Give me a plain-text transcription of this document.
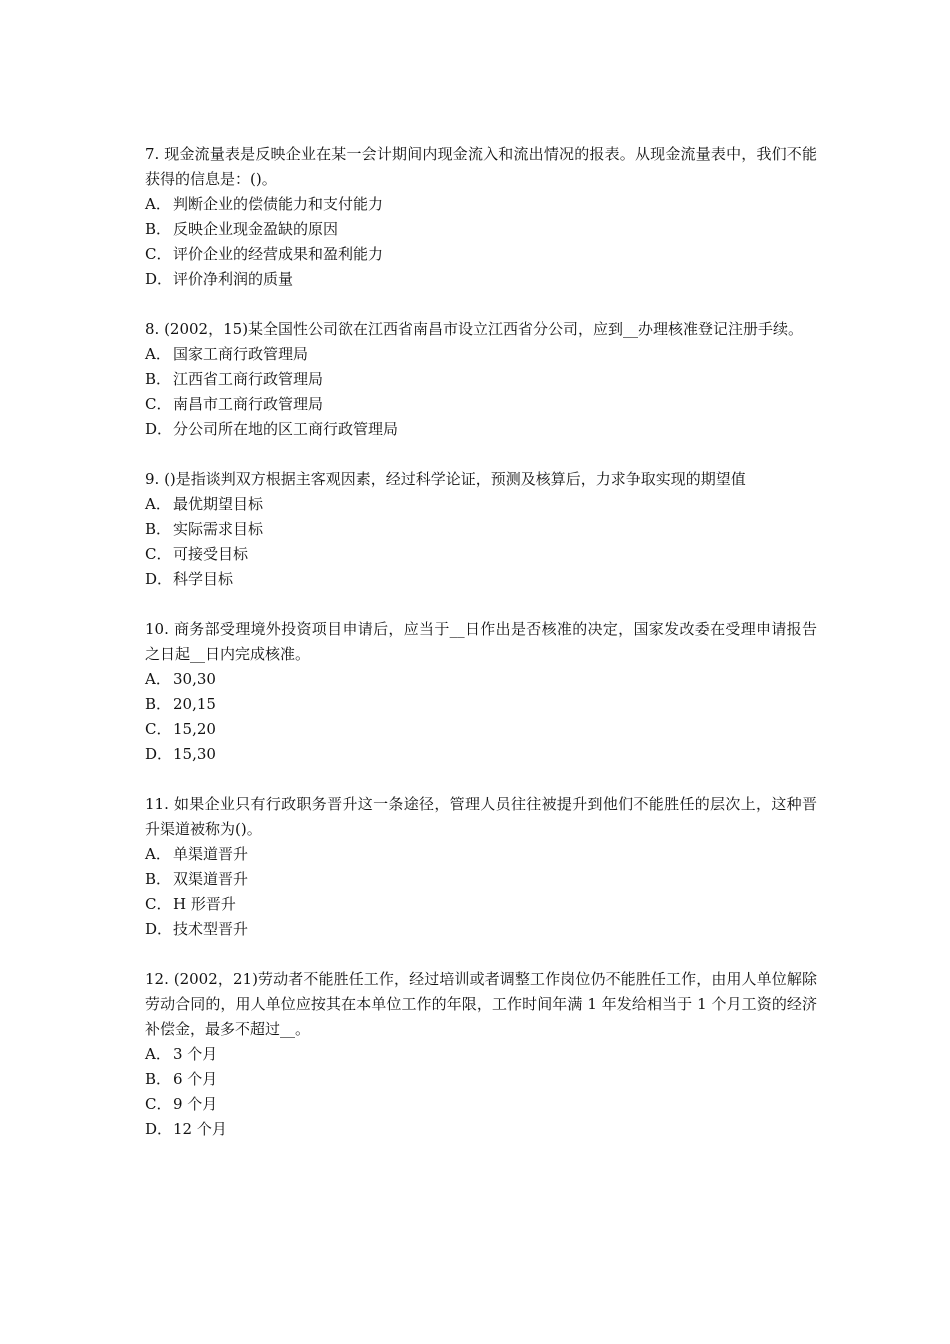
7. 现金流量表是反映企业在某一会计期间内现金流入和流出情况的报表。从现金流量表中，我们不能获得的信息是：()。
A． 判断企业的偿债能力和支付能力
B． 反映企业现金盈缺的原因
C． 评价企业的经营成果和盈利能力
D．评价净利润的质量
8. (2002，15)某全国性公司欲在江西省南昌市设立江西省分公司，应到__办理核准登记注册手续。
A． 国家工商行政管理局
B． 江西省工商行政管理局
C． 南昌市工商行政管理局
D．分公司所在地的区工商行政管理局
9. ()是指谈判双方根据主客观因素，经过科学论证，预测及核算后，力求争取实现的期望值
A． 最优期望目标
B． 实际需求目标
C． 可接受目标
D．科学目标
10. 商务部受理境外投资项目申请后，应当于__日作出是否核准的决定，国家发改委在受理申请报告之日起__日内完成核准。
A． 30,30
B． 20,15
C． 15,20
D．15,30
11. 如果企业只有行政职务晋升这一条途径，管理人员往往被提升到他们不能胜任的层次上，这种晋升渠道被称为()。
A． 单渠道晋升
B． 双渠道晋升
C． H 形晋升
D．技术型晋升
12. (2002，21)劳动者不能胜任工作，经过培训或者调整工作岗位仍不能胜任工作，由用人单位解除劳动合同的，用人单位应按其在本单位工作的年限，工作时间年满 1 年发给相当于 1 个月工资的经济补偿金，最多不超过__。
A． 3 个月
B． 6 个月
C． 9 个月
D．12 个月
